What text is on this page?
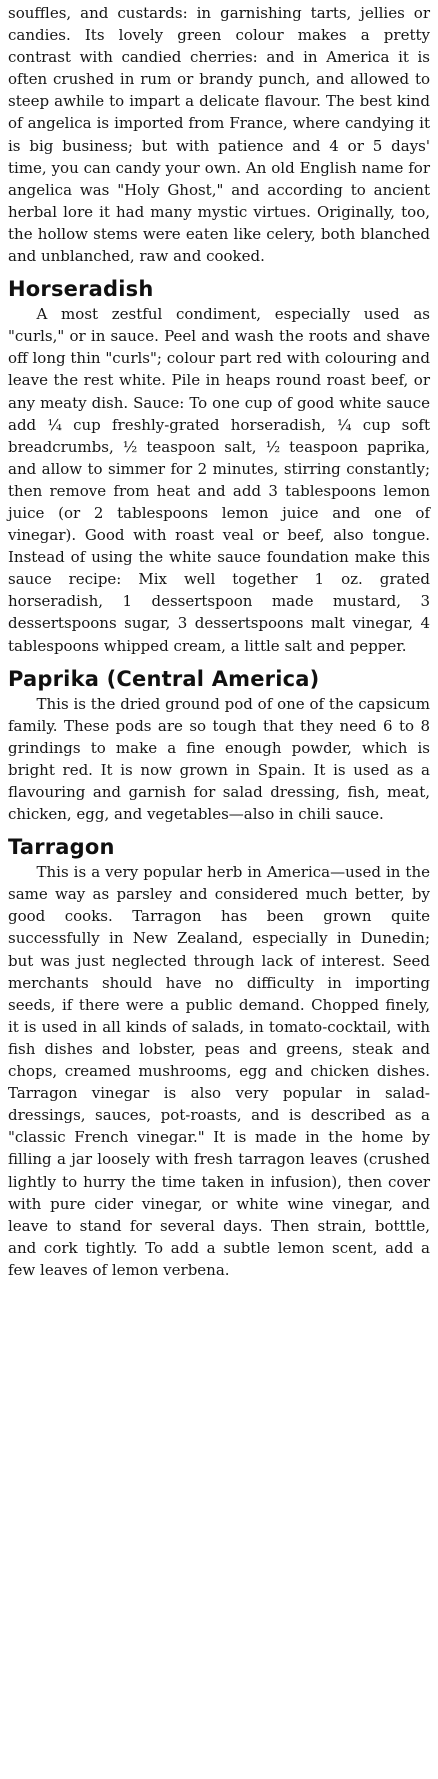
souffles, and custards: in garnishing tarts, jellies or candies. Its lovely green colour makes a pretty contrast with candied cherries: and in America it is often crushed in rum or brandy punch, and allowed to steep awhile to impart a delicate flavour. The best kind of angelica is imported from France, where candying it is big business; but with patience and 4 or 5 days' time, you can candy your own. An old English name for angelica was "Holy Ghost," and according to ancient herbal lore it had many mystic virtues. Originally, too, the hollow stems were eaten like celery, both blanched and unblanched, raw and cooked.

Horseradish

A most zestful condiment, especially used as "curls," or in sauce. Peel and wash the roots and shave off long thin "curls"; colour part red with colouring and leave the rest white. Pile in heaps round roast beef, or any meaty dish. Sauce: To one cup of good white sauce add ¼ cup freshly-grated horseradish, ¼ cup soft breadcrumbs, ½ teaspoon salt, ½ teaspoon paprika, and allow to simmer for 2 minutes, stirring constantly; then remove from heat and add 3 tablespoons lemon juice (or 2 tablespoons lemon juice and one of vinegar). Good with roast veal or beef, also tongue. Instead of using the white sauce foundation make this sauce recipe: Mix well together 1 oz. grated horseradish, 1 dessertspoon made mustard, 3 dessertspoons sugar, 3 dessertspoons malt vinegar, 4 tablespoons whipped cream, a little salt and pepper.

Paprika (Central America)

This is the dried ground pod of one of the capsicum family. These pods are so tough that they need 6 to 8 grindings to make a fine enough powder, which is bright red. It is now grown in Spain. It is used as a flavouring and garnish for salad dressing, fish, meat, chicken, egg, and vegetables—also in chili sauce.

Tarragon

This is a very popular herb in America—used in the same way as parsley and considered much better, by good cooks. Tarragon has been grown quite successfully in New Zealand, especially in Dunedin; but was just neglected through lack of interest. Seed merchants should have no difficulty in importing seeds, if there were a public demand. Chopped finely, it is used in all kinds of salads, in tomato-cocktail, with fish dishes and lobster, peas and greens, steak and chops, creamed mushrooms, egg and chicken dishes. Tarragon vinegar is also very popular in salad-dressings, sauces, pot-roasts, and is described as a "classic French vinegar." It is made in the home by filling a jar loosely with fresh tarragon leaves (crushed lightly to hurry the time taken in infusion), then cover with pure cider vinegar, or white wine vinegar, and leave to stand for several days. Then strain, botttle, and cork tightly. To add a subtle lemon scent, add a few leaves of lemon verbena.
